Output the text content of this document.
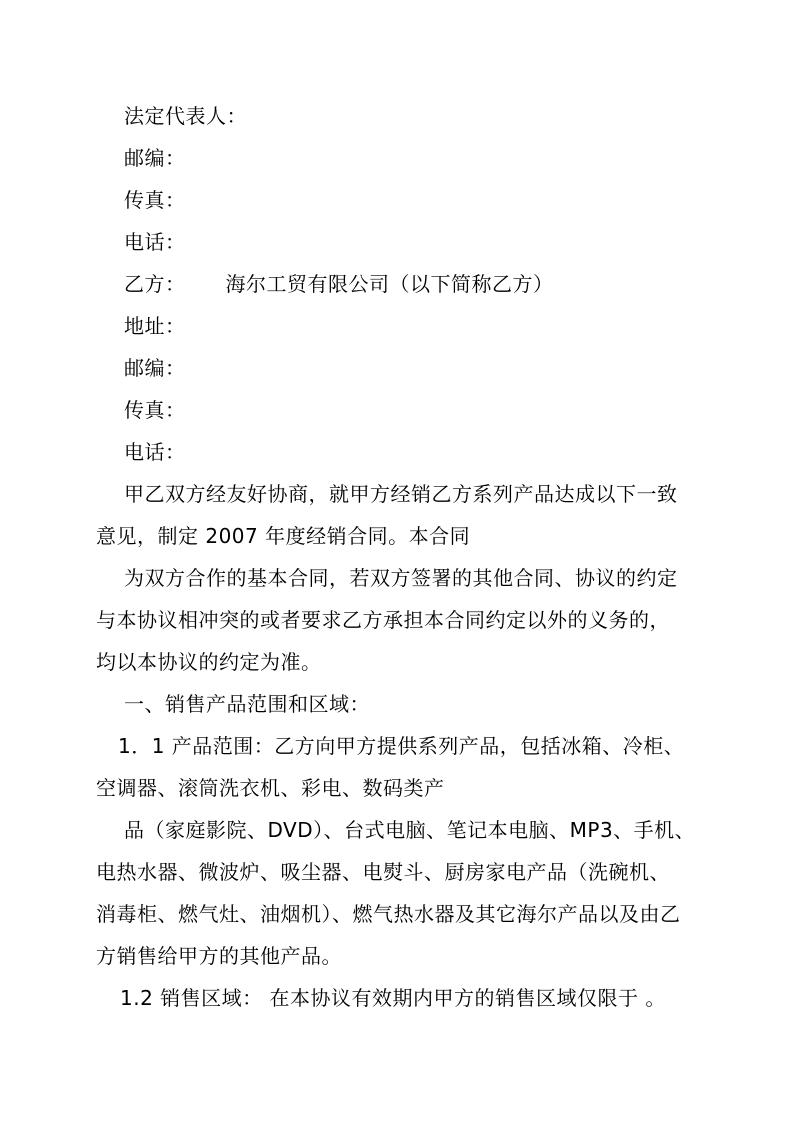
法定代表人：
邮编：
传真：
电话：
乙方： 海尔工贸有限公司（以下简称乙方）
地址：
邮编：
传真：
电话：
甲乙双方经友好协商，就甲方经销乙方系列产品达成以下一致
意见，制定 2007 年度经销合同。本合同
为双方合作的基本合同，若双方签署的其他合同、协议的约定
与本协议相冲突的或者要求乙方承担本合同约定以外的义务的，
均以本协议的约定为准。
一、销售产品范围和区域：
1．1 产品范围：乙方向甲方提供系列产品，包括冰箱、冷柜、
空调器、滚筒洗衣机、彩电、数码类产
品（家庭影院、DVD）、台式电脑、笔记本电脑、MP3、手机、
电热水器、微波炉、吸尘器、电熨斗、厨房家电产品（洗碗机、
消毒柜、燃气灶、油烟机）、燃气热水器及其它海尔产品以及由乙
方销售给甲方的其他产品。
1.2 销售区域： 在本协议有效期内甲方的销售区域仅限于 。
